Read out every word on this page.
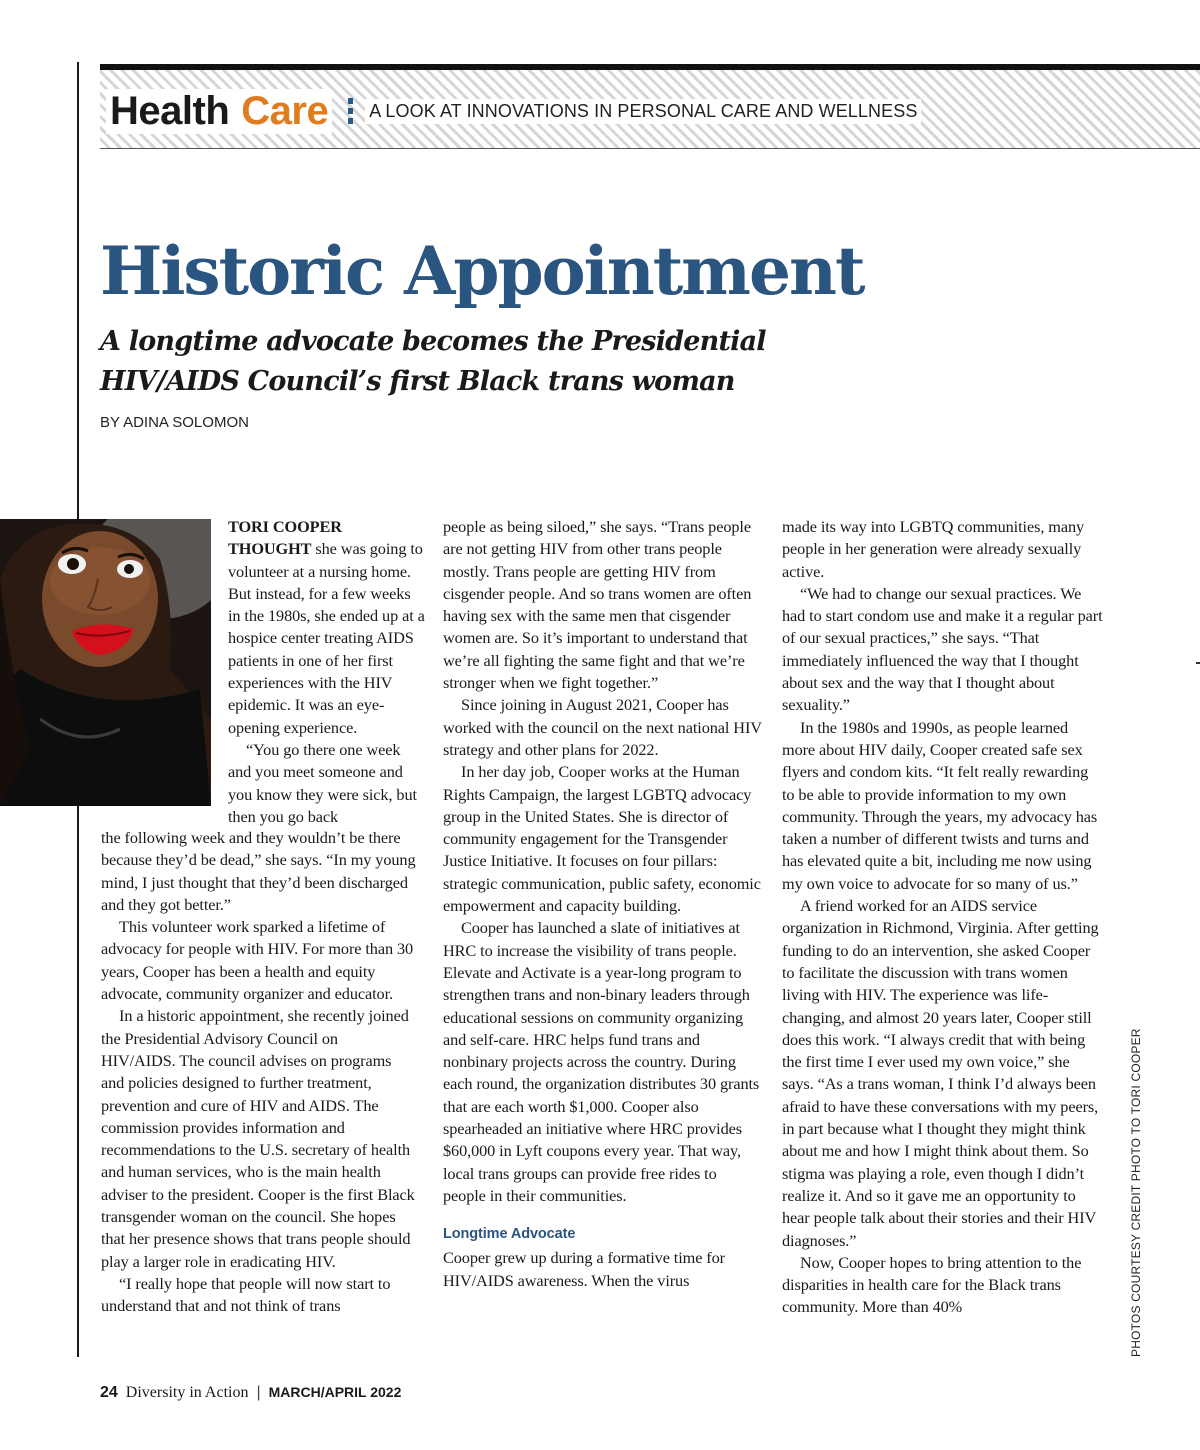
Health Care A LOOK AT INNOVATIONS IN PERSONAL CARE AND WELLNESS
Historic Appointment
A longtime advocate becomes the Presidential HIV/AIDS Council’s first Black trans woman
BY ADINA SOLOMON

TORI COOPER THOUGHT she was going to volunteer at a nursing home. But instead, for a few weeks in the 1980s, she ended up at a hospice center treating AIDS patients in one of her first experiences with the HIV epidemic. It was an eye-opening experience.

“You go there one week and you meet someone and you know they were sick, but then you go back

the following week and they wouldn’t be there because they’d be dead,” she says. “In my young mind, I just thought that they’d been discharged and they got better.”

This volunteer work sparked a lifetime of advocacy for people with HIV. For more than 30 years, Cooper has been a health and equity advocate, community organizer and educator.

In a historic appointment, she recently joined the Presidential Advisory Council on HIV/AIDS. The council advises on programs and policies designed to further treatment, prevention and cure of HIV and AIDS. The commission provides information and recommendations to the U.S. secretary of health and human services, who is the main health adviser to the president. Cooper is the first Black transgender woman on the council. She hopes that her presence shows that trans people should play a larger role in eradicating HIV.

“I really hope that people will now start to understand that and not think of trans

people as being siloed,” she says. “Trans people are not getting HIV from other trans people mostly. Trans people are getting HIV from cisgender people. And so trans women are often having sex with the same men that cisgender women are. So it’s important to understand that we’re all fighting the same fight and that we’re stronger when we fight together.”

Since joining in August 2021, Cooper has worked with the council on the next national HIV strategy and other plans for 2022.

In her day job, Cooper works at the Human Rights Campaign, the largest LGBTQ advocacy group in the United States. She is director of community engagement for the Transgender Justice Initiative. It focuses on four pillars: strategic communication, public safety, economic empowerment and capacity building.

Cooper has launched a slate of initiatives at HRC to increase the visibility of trans people. Elevate and Activate is a year-long program to strengthen trans and non-binary leaders through educational sessions on community organizing and self-care. HRC helps fund trans and nonbinary projects across the country. During each round, the organization distributes 30 grants that are each worth $1,000. Cooper also spearheaded an initiative where HRC provides $60,000 in Lyft coupons every year. That way, local trans groups can provide free rides to people in their communities.

Longtime Advocate

Cooper grew up during a formative time for HIV/AIDS awareness. When the virus

made its way into LGBTQ communities, many people in her generation were already sexually active.

“We had to change our sexual practices. We had to start condom use and make it a regular part of our sexual practices,” she says. “That immediately influenced the way that I thought about sex and the way that I thought about sexuality.”

In the 1980s and 1990s, as people learned more about HIV daily, Cooper created safe sex flyers and condom kits. “It felt really rewarding to be able to provide information to my own community. Through the years, my advocacy has taken a number of different twists and turns and has elevated quite a bit, including me now using my own voice to advocate for so many of us.”

A friend worked for an AIDS service organization in Richmond, Virginia. After getting funding to do an intervention, she asked Cooper to facilitate the discussion with trans women living with HIV. The experience was life-changing, and almost 20 years later, Cooper still does this work. “I always credit that with being the first time I ever used my own voice,” she says. “As a trans woman, I think I’d always been afraid to have these conversations with my peers, in part because what I thought they might think about me and how I might think about them. So stigma was playing a role, even though I didn’t realize it. And so it gave me an opportunity to hear people talk about their stories and their HIV diagnoses.”

Now, Cooper hopes to bring attention to the disparities in health care for the Black trans community. More than 40%	PHOTOS COURTESY CREDIT PHOTO TO TORI COOPER
24 Diversity in Action | MARCH/APRIL 2022
